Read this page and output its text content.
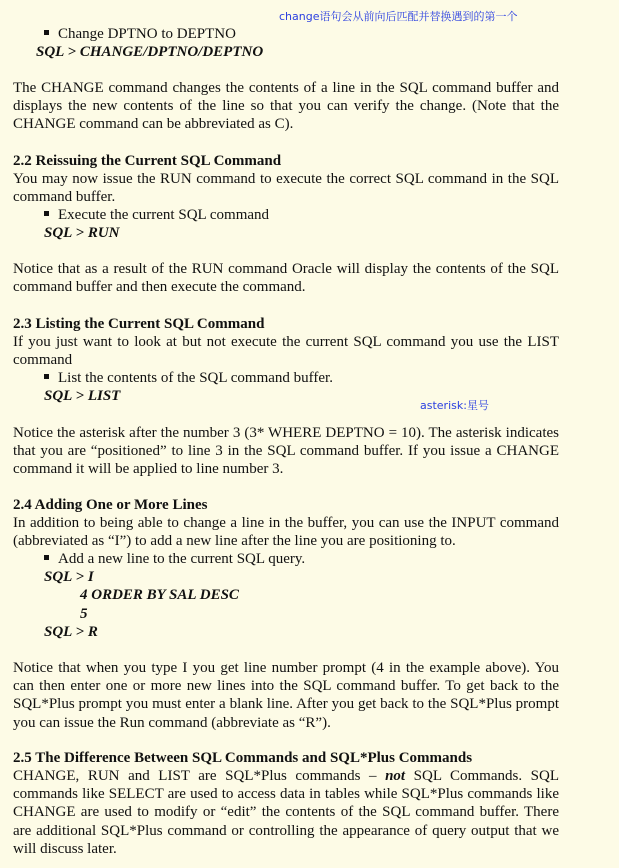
change语句会从前向后匹配并替换遇到的第一个
asterisk:星号
Change DPTNO to DEPTNO
SQL > CHANGE/DPTNO/DEPTNO
The CHANGE command changes the contents of a line in the SQL command buffer and displays the new contents of the line so that you can verify the change. (Note that the CHANGE command can be abbreviated as C).
2.2 Reissuing the Current SQL Command
You may now issue the RUN command to execute the correct SQL command in the SQL command buffer.
Execute the current SQL command
SQL > RUN
Notice that as a result of the RUN command Oracle will display the contents of the SQL command buffer and then execute the command.
2.3 Listing the Current SQL Command
If you just want to look at but not execute the current SQL command you use the LIST command
List the contents of the SQL command buffer.
SQL > LIST
Notice the asterisk after the number 3 (3* WHERE DEPTNO = 10). The asterisk indicates that you are “positioned” to line 3 in the SQL command buffer. If you issue a CHANGE command it will be applied to line number 3.
2.4 Adding One or More Lines
In addition to being able to change a line in the buffer, you can use the INPUT command (abbreviated as “I”) to add a new line after the line you are positioning to.
Add a new line to the current SQL query.
SQL > I
4 ORDER BY SAL DESC
5
SQL > R
Notice that when you type I you get line number prompt (4 in the example above). You can then enter one or more new lines into the SQL command buffer. To get back to the SQL*Plus prompt you must enter a blank line. After you get back to the SQL*Plus prompt you can issue the Run command (abbreviate as “R”).
2.5 The Difference Between SQL Commands and SQL*Plus Commands
CHANGE, RUN and LIST are SQL*Plus commands – not SQL Commands. SQL commands like SELECT are used to access data in tables while SQL*Plus commands like CHANGE are used to modify or “edit” the contents of the SQL command buffer. There are additional SQL*Plus command or controlling the appearance of query output that we will discuss later.
